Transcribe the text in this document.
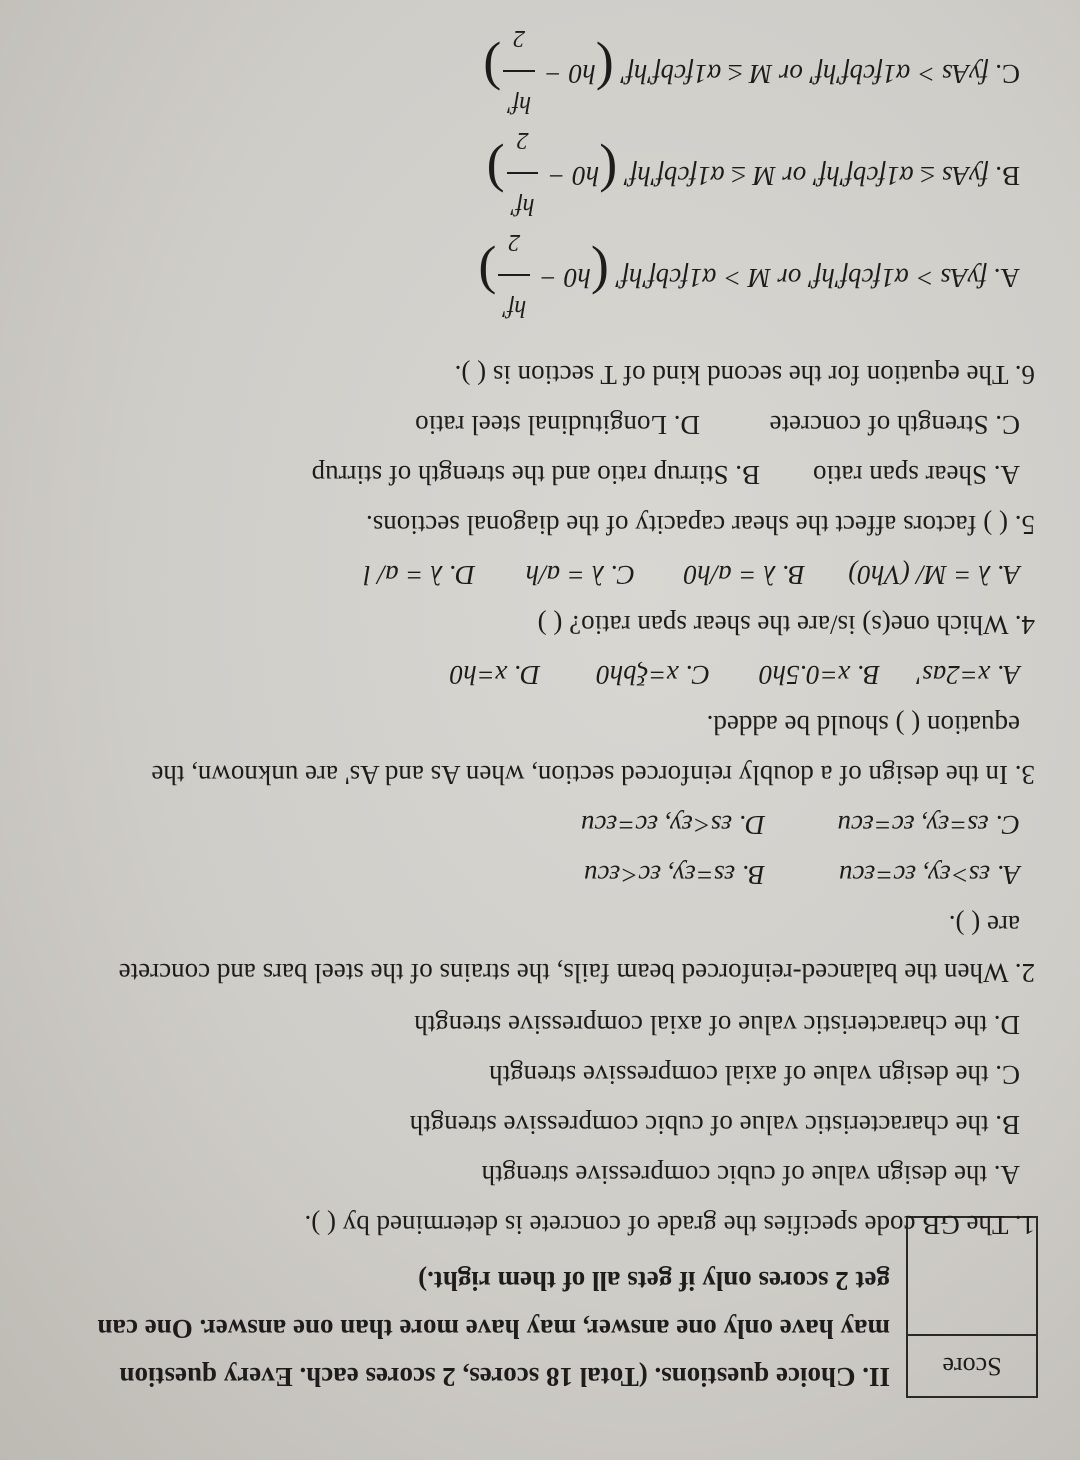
Score
II. Choice questions. (Total 18 scores, 2 scores each. Every question
may have only one answer, may have more than one answer. One can
get 2 scores only if gets all of them right.)
1. The GB code specifies the grade of concrete is determined by ( ).
A. the design value of cubic compressive strength
B. the characteristic value of cubic compressive strength
C. the design value of axial compressive strength
D. the characteristic value of axial compressive strength
2. When the balanced-reinforced beam fails, the strains of the steel bars and concrete
are ( ).
A. εs>εy, εc=εcu
B. εs=εy, εc<εcu
C. εs=εy, εc=εcu
D. εs<εy, εc=εcu
3. In the design of a doubly reinforced section, when As and As' are unknown, the
equation ( ) should be added.
A. x=2as'
B. x=0.5h0
C. x=ξbh0
D. x=h0
4. Which one(s) is/are the shear span ratio? ( )
A. λ = M/ (Vh0)
B. λ = a/h0
C. λ = a/h
D. λ = a/ l
5. ( ) factors affect the shear capacity of the diagonal sections.
A. Shear span ratio
B. Stirrup ratio and the strength of stirrup
C. Strength of concrete
D. Longitudinal steel ratio
6. The equation for the second kind of T section is ( ).
A. fyAs > α1fcbf'hf' or M > α1fcbf'hf' (h0 −
hf'
2
)
B. fyAs ≤ α1fcbf'hf' or M ≤ α1fcbf'hf' (h0 −
hf'
2
)
C. fyAs > α1fcbf'hf' or M ≤ α1fcbf'hf' (h0 −
hf'
2
)
